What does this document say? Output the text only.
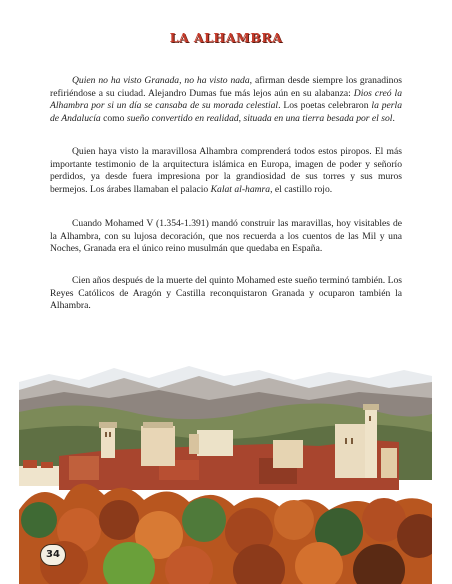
LA ALHAMBRA

Quien no ha visto Granada, no ha visto nada, afirman desde siempre los granadinos refiriéndose a su ciudad. Alejandro Dumas fue más lejos aún en su alabanza: Dios creó la Alhambra por si un día se cansaba de su morada celestial. Los poetas celebraron la perla de Andalucía como sueño convertido en realidad, situada en una tierra besada por el sol.

Quien haya visto la maravillosa Alhambra comprenderá todos estos piropos. El más importante testimonio de la arquitectura islámica en Europa, imagen de poder y señorío perdidos, ya desde fuera impresiona por la grandiosidad de sus torres y sus muros bermejos. Los árabes llamaban el palacio Kalat al-hamra, el castillo rojo.

Cuando Mohamed V (1.354-1.391) mandó construir las maravillas, hoy visitables de la Alhambra, con su lujosa decoración, que nos recuerda a los cuentos de las Mil y una Noches, Granada era el único reino musulmán que quedaba en España.

Cien años después de la muerte del quinto Mohamed este sueño terminó también. Los Reyes Católicos de Aragón y Castilla reconquistaron Granada y ocuparon también la Alhambra.

34
